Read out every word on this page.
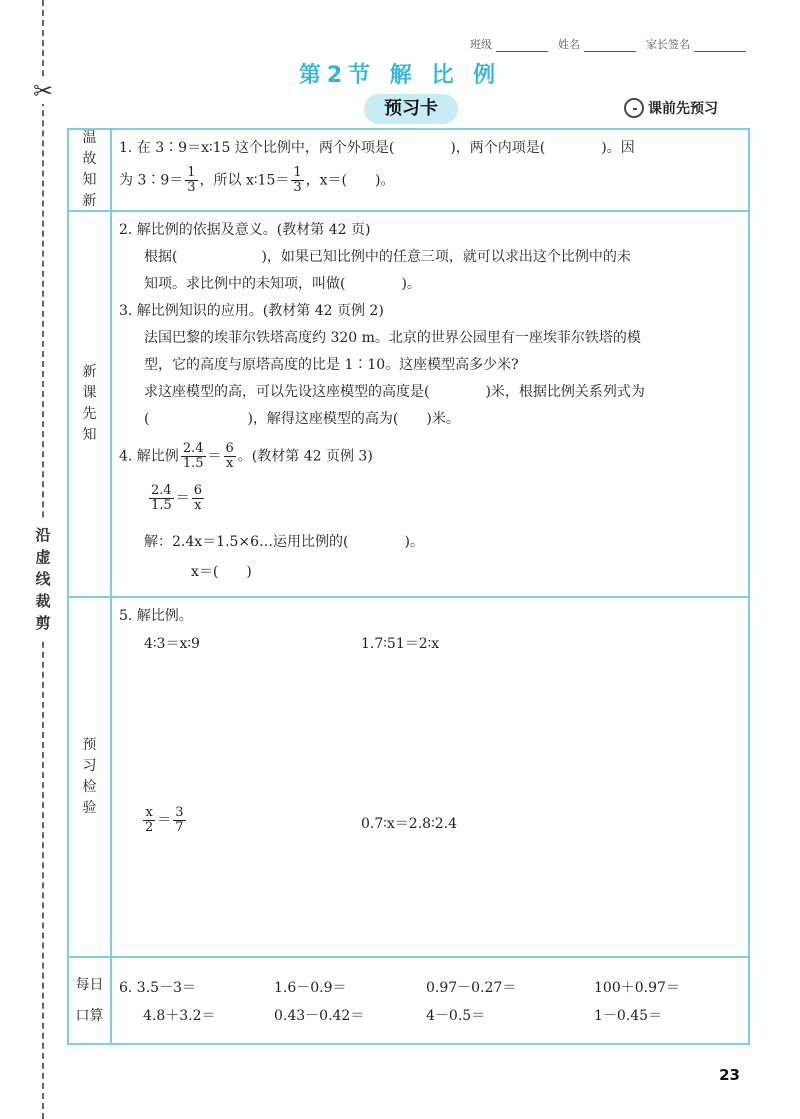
✂
沿虚线裁剪
班级	姓名	家长签名
第2节 解 比 例
预习卡	课前先预习
温故知新
1. 在 3∶9＝x∶15 这个比例中，两个外项是(　　　　)，两个内项是(　　　　)。因
为 3∶9＝ $\frac{1}{3}$ ，所以 x∶15＝ $\frac{1}{3}$ ，x＝(　　)。
新课先知
2. 解比例的依据及意义。(教材第 42 页)
根据(　　　　　　)，如果已知比例中的任意三项，就可以求出这个比例中的未
知项。求比例中的未知项，叫做(　　　　)。
3. 解比例知识的应用。(教材第 42 页例 2)
法国巴黎的埃菲尔铁塔高度约 320 m。北京的世界公园里有一座埃菲尔铁塔的模
型，它的高度与原塔高度的比是 1∶10。这座模型高多少米?
求这座模型的高，可以先设这座模型的高度是(　　　　)米，根据比例关系列式为
(　　　　　　　)，解得这座模型的高为(　　)米。
4. 解比例 $\frac{2.4}{1.5} = \frac{6}{x}$ 。(教材第 42 页例 3)
$\frac{2.4}{1.5} = \frac{6}{x}$
解：2.4x＝1.5×6…运用比例的(　　　　)。
x＝(　　)
预习检验
5. 解比例。
4∶3＝x∶9	1.7∶51＝2∶x
$\frac{x}{2} = \frac{3}{7}$	0.7∶x＝2.8∶2.4
每日
口算
6. 3.5－3＝	1.6－0.9＝	0.97－0.27＝	100＋0.97＝
4.8＋3.2＝	0.43－0.42＝	4－0.5＝	1－0.45＝
23
